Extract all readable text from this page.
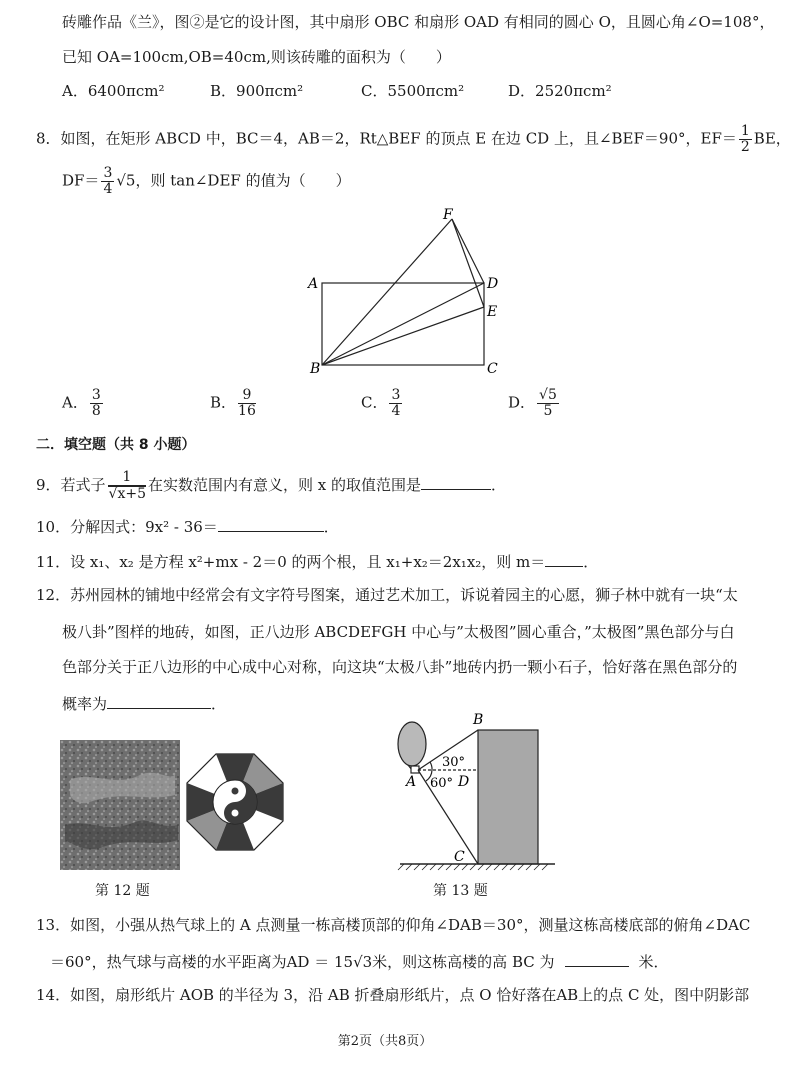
砖雕作品《兰》，图②是它的设计图，其中扇形 OBC 和扇形 OAD 有相同的圆心 O，且圆心角∠O=108°，
已知 OA=100cm,OB=40cm,则该砖雕的面积为（　　）
A．6400πcm²	B．900πcm²	C．5500πcm²	D．2520πcm²
8．如图，在矩形 ABCD 中，BC＝4，AB＝2，Rt△BEF 的顶点 E 在边 CD 上，且∠BEF＝90°，$EF= \frac{1}{2}$ BE，
$DF= \frac{3}{4} √5$，则 tan∠DEF 的值为（　　）
F
A	D
E
B	C
A． $\frac{3}{8}$	B． $\frac{9}{16}$	C． $\frac{3}{4}$	D． $\frac{√5}{5}$
二．填空题（共 8 小题）
9．若式子 $\frac{1}{√x+5}$ 在实数范围内有意义，则 x 的取值范围是	．
10．分解因式：9x² - 36＝	．
11．设 x₁、x₂ 是方程 x²+mx - 2＝0 的两个根，且 x₁+x₂＝2x₁x₂，则 m＝	．
12．苏州园林的铺地中经常会有文字符号图案，通过艺术加工，诉说着园主的心愿，狮子林中就有一块“太
极八卦”图样的地砖，如图，正八边形 ABCDEFGH 中心与”太极图”圆心重合，”太极图”黑色部分与白
色部分关于正八边形的中心成中心对称，向这块“太极八卦”地砖内扔一颗小石子，恰好落在黑色部分的
概率为	．
B
30°
A 60° D
C
第 12 题	第 13 题
13．如图，小强从热气球上的 A 点测量一栋高楼顶部的仰角∠DAB＝30°，测量这栋高楼底部的俯角∠DAC
＝60°，热气球与高楼的水平距离为AD ＝ 15√3米，则这栋高楼的高 BC 为	米．
14．如图，扇形纸片 AOB 的半径为 3，沿 AB 折叠扇形纸片，点 O 恰好落在AB上的点 C 处，图中阴影部
第2页（共8页）
